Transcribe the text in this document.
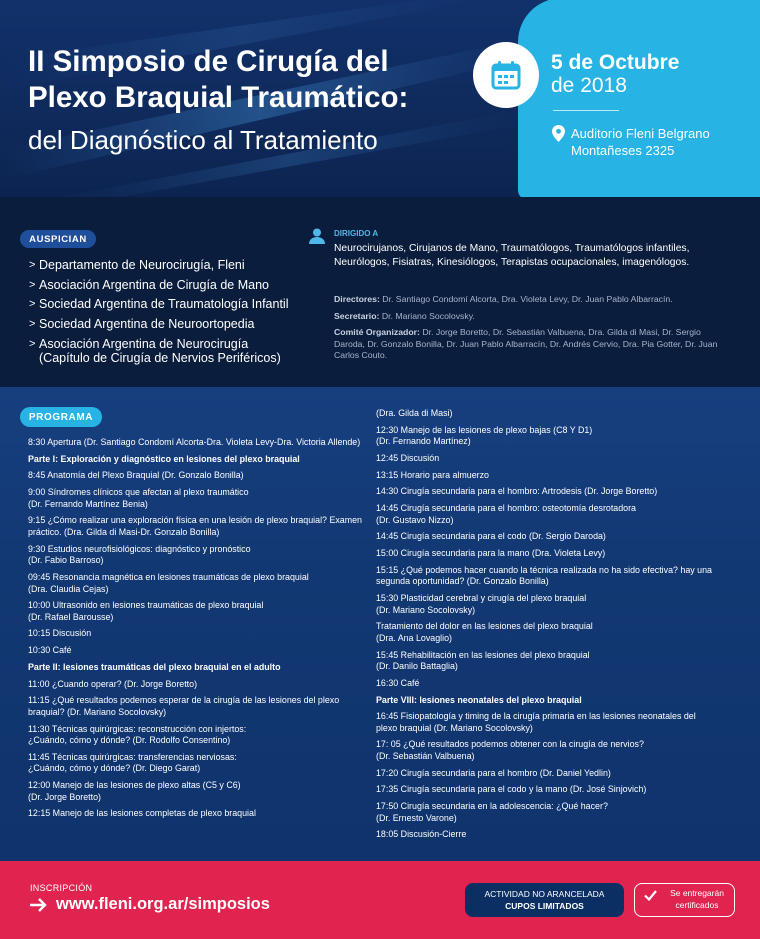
II Simposio de Cirugía del
Plexo Braquial Traumático:
del Diagnóstico al Tratamiento
5 de Octubre
de 2018
Auditorio Fleni Belgrano
Montañeses 2325
AUSPICIAN
> Departamento de Neurocirugía, Fleni
> Asociación Argentina de Cirugía de Mano
> Sociedad Argentina de Traumatología Infantil
> Sociedad Argentina de Neuroortopedia
> Asociación Argentina de Neurocirugía
(Capítulo de Cirugía de Nervios Periféricos)
DIRIGIDO A
Neurocirujanos, Cirujanos de Mano, Traumatólogos, Traumatólogos infantiles, Neurólogos, Fisiatras, Kinesiólogos, Terapistas ocupacionales, imagenólogos.

Directores: Dr. Santiago Condomí Alcorta, Dra. Violeta Levy, Dr. Juan Pablo Albarracín.

Secretario: Dr. Mariano Socolovsky.

Comité Organizador: Dr. Jorge Boretto, Dr. Sebastián Valbuena, Dra. Gilda di Masi, Dr. Sergio Daroda, Dr. Gonzalo Bonilla, Dr. Juan Pablo Albarracín, Dr. Andrés Cervio, Dra. Pia Gotter, Dr. Juan Carlos Couto.

PROGRAMA
8:30 Apertura (Dr. Santiago Condomí Alcorta-Dra. Violeta Levy-Dra. Victoria Allende)
Parte I: Exploración y diagnóstico en lesiones del plexo braquial
8:45 Anatomía del Plexo Braquial (Dr. Gonzalo Bonilla)
9:00 Síndromes clínicos que afectan al plexo traumático
(Dr. Fernando Martínez Benia)
9:15 ¿Cómo realizar una exploración física en una lesión de plexo braquial? Examen práctico. (Dra. Gilda di Masi-Dr. Gonzalo Bonilla)
9:30 Estudios neurofisiológicos: diagnóstico y pronóstico
(Dr. Fabio Barroso)
09:45 Resonancia magnética en lesiones traumáticas de plexo braquial
(Dra. Claudia Cejas)
10:00 Ultrasonido en lesiones traumáticas de plexo braquial
(Dr. Rafael Barousse)
10:15 Discusión
10:30 Café
Parte II: lesiones traumáticas del plexo braquial en el adulto
11:00 ¿Cuando operar? (Dr. Jorge Boretto)
11:15 ¿Qué resultados podemos esperar de la cirugía de las lesiones del plexo braquial? (Dr. Mariano Socolovsky)
11:30 Técnicas quirúrgicas: reconstrucción con injertos:
¿Cuándo, cómo y dónde? (Dr. Rodolfo Consentino)
11:45 Técnicas quirúrgicas: transferencias nerviosas:
¿Cuándo, cómo y dónde? (Dr. Diego Garat)
12:00 Manejo de las lesiones de plexo altas (C5 y C6)
(Dr. Jorge Boretto)
12:15 Manejo de las lesiones completas de plexo braquial
(Dra. Gilda di Masi)
12:30 Manejo de las lesiones de plexo bajas (C8 Y D1)
(Dr. Fernando Martínez)
12:45 Discusión
13:15 Horario para almuerzo
14:30 Cirugía secundaria para el hombro: Artrodesis (Dr. Jorge Boretto)
14:45 Cirugía secundaria para el hombro: osteotomía desrotadora
(Dr. Gustavo Nizzo)
14:45 Cirugía secundaria para el codo (Dr. Sergio Daroda)
15:00 Cirugía secundaria para la mano (Dra. Violeta Levy)
15:15 ¿Qué podemos hacer cuando la técnica realizada no ha sido efectiva? hay una segunda oportunidad? (Dr. Gonzalo Bonilla)
15:30 Plasticidad cerebral y cirugía del plexo braquial
(Dr. Mariano Socolovsky)
Tratamiento del dolor en las lesiones del plexo braquial
(Dra. Ana Lovaglio)
15:45 Rehabilitación en las lesiones del plexo braquial
(Dr. Danilo Battaglia)
16:30 Café
Parte VIII: lesiones neonatales del plexo braquial
16:45 Fisiopatología y timing de la cirugía primaria en las lesiones neonatales del plexo braquial (Dr. Mariano Socolovsky)
17: 05 ¿Qué resultados podemos obtener con la cirugía de nervios?
(Dr. Sebastián Valbuena)
17:20 Cirugía secundaria para el hombro (Dr. Daniel Yedlin)
17:35 Cirugía secundaria para el codo y la mano (Dr. José Sinjovich)
17:50 Cirugía secundaria en la adolescencia: ¿Qué hacer?
(Dr. Ernesto Varone)
18:05 Discusión-Cierre
INSCRIPCIÓN
www.fleni.org.ar/simposios
ACTIVIDAD NO ARANCELADA
CUPOS LIMITADOS
Se entregarán
certificados
